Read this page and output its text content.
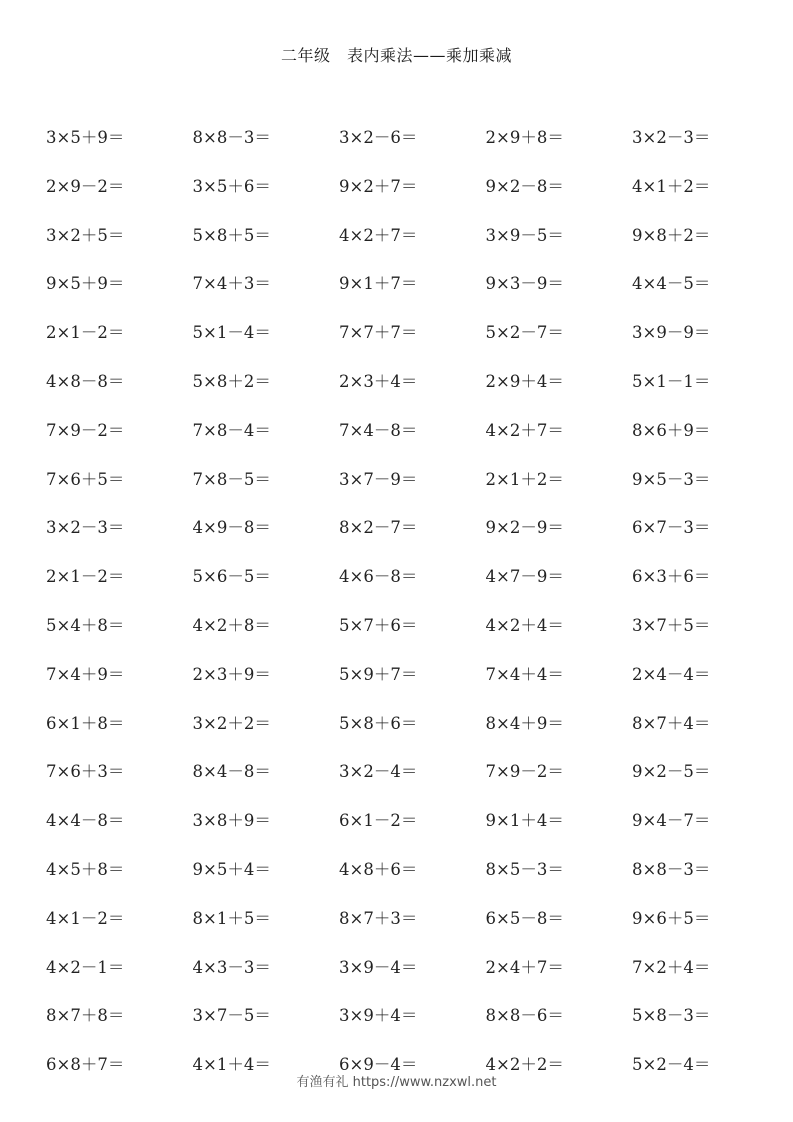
二年级　表内乘法——乘加乘减
3×5＋9＝	8×8－3＝	3×2－6＝	2×9＋8＝	3×2－3＝
2×9－2＝	3×5＋6＝	9×2＋7＝	9×2－8＝	4×1＋2＝
3×2＋5＝	5×8＋5＝	4×2＋7＝	3×9－5＝	9×8＋2＝
9×5＋9＝	7×4＋3＝	9×1＋7＝	9×3－9＝	4×4－5＝
2×1－2＝	5×1－4＝	7×7＋7＝	5×2－7＝	3×9－9＝
4×8－8＝	5×8＋2＝	2×3＋4＝	2×9＋4＝	5×1－1＝
7×9－2＝	7×8－4＝	7×4－8＝	4×2＋7＝	8×6＋9＝
7×6＋5＝	7×8－5＝	3×7－9＝	2×1＋2＝	9×5－3＝
3×2－3＝	4×9－8＝	8×2－7＝	9×2－9＝	6×7－3＝
2×1－2＝	5×6－5＝	4×6－8＝	4×7－9＝	6×3＋6＝
5×4＋8＝	4×2＋8＝	5×7＋6＝	4×2＋4＝	3×7＋5＝
7×4＋9＝	2×3＋9＝	5×9＋7＝	7×4＋4＝	2×4－4＝
6×1＋8＝	3×2＋2＝	5×8＋6＝	8×4＋9＝	8×7＋4＝
7×6＋3＝	8×4－8＝	3×2－4＝	7×9－2＝	9×2－5＝
4×4－8＝	3×8＋9＝	6×1－2＝	9×1＋4＝	9×4－7＝
4×5＋8＝	9×5＋4＝	4×8＋6＝	8×5－3＝	8×8－3＝
4×1－2＝	8×1＋5＝	8×7＋3＝	6×5－8＝	9×6＋5＝
4×2－1＝	4×3－3＝	3×9－4＝	2×4＋7＝	7×2＋4＝
8×7＋8＝	3×7－5＝	3×9＋4＝	8×8－6＝	5×8－3＝
6×8＋7＝	4×1＋4＝	6×9－4＝	4×2＋2＝	5×2－4＝
有渔有礼 https://www.nzxwl.net
